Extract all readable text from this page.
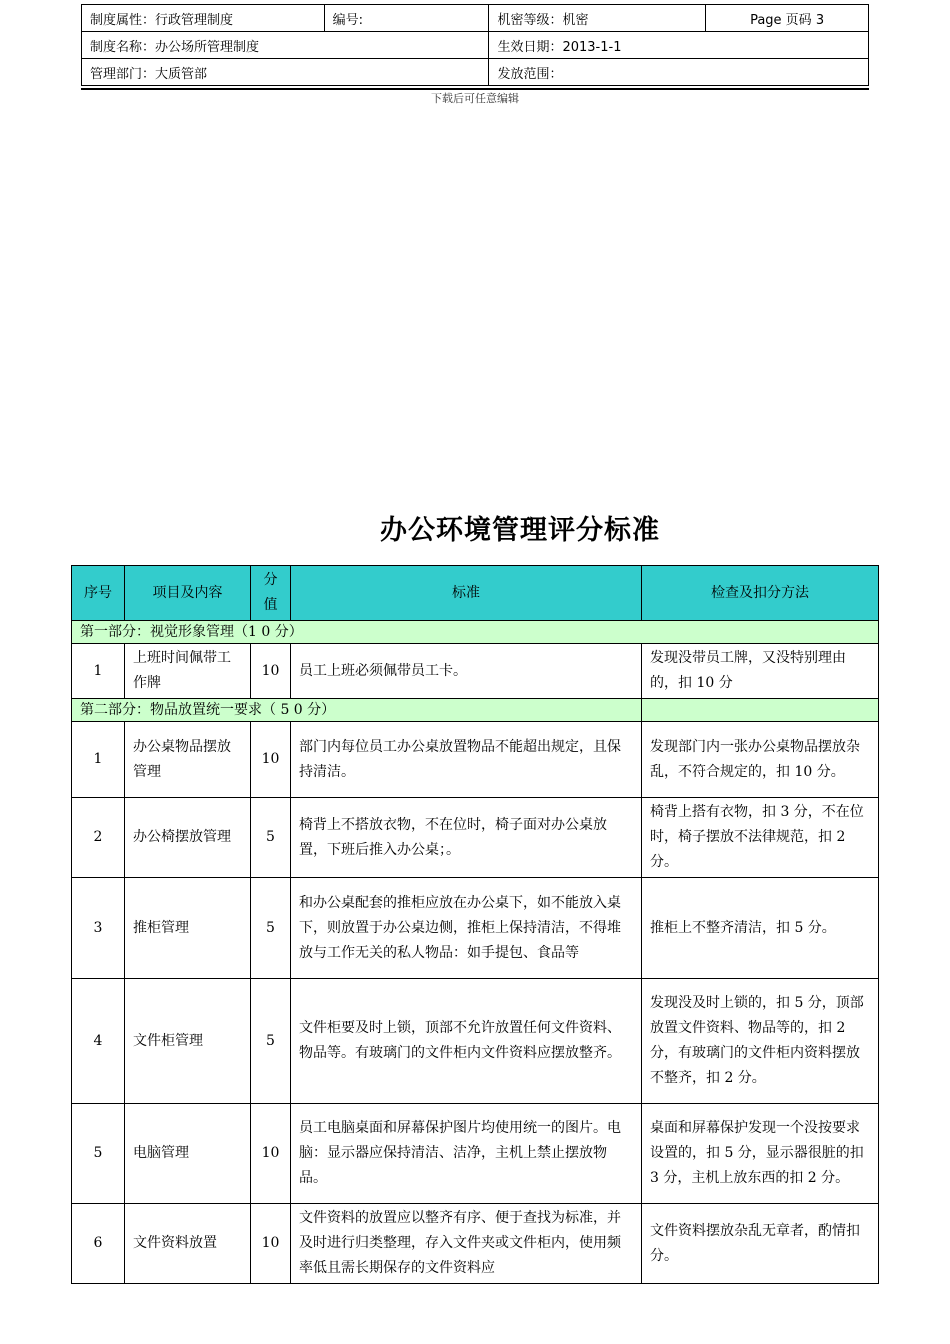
制度属性：行政管理制度	编号:	机密等级：机密	Page 页码 3
制度名称：办公场所管理制度		生效日期：2013-1-1	
管理部门：大质管部		发放范围：	
下载后可任意编辑
办公环境管理评分标准
序号	项目及内容	分值	标准	检查及扣分方法
第一部分：视觉形象管理（1 0 分）				
1	上班时间佩带工作牌	10	员工上班必须佩带员工卡。	发现没带员工牌，又没特别理由的，扣 10 分
第二部分：物品放置统一要求（ 5 0 分）				
1	办公桌物品摆放管理	10	部门内每位员工办公桌放置物品不能超出规定，且保持清洁。	发现部门内一张办公桌物品摆放杂乱，不符合规定的，扣 10 分。
2	办公椅摆放管理	5	椅背上不搭放衣物，不在位时，椅子面对办公桌放置，下班后推入办公桌；。	椅背上搭有衣物，扣 3 分，不在位时，椅子摆放不法律规范，扣 2 分。
3	推柜管理	5	和办公桌配套的推柜应放在办公桌下，如不能放入桌下，则放置于办公桌边侧，推柜上保持清洁，不得堆放与工作无关的私人物品：如手提包、食品等	推柜上不整齐清洁，扣 5 分。
4	文件柜管理	5	文件柜要及时上锁，顶部不允许放置任何文件资料、物品等。有玻璃门的文件柜内文件资料应摆放整齐。	发现没及时上锁的，扣 5 分，顶部放置文件资料、物品等的，扣 2 分，有玻璃门的文件柜内资料摆放不整齐，扣 2 分。
5	电脑管理	10	员工电脑桌面和屏幕保护图片均使用统一的图片。电脑：显示器应保持清洁、洁净，主机上禁止摆放物品。	桌面和屏幕保护发现一个没按要求设置的，扣 5 分，显示器很脏的扣 3 分，主机上放东西的扣 2 分。
6	文件资料放置	10	文件资料的放置应以整齐有序、便于查找为标准，并及时进行归类整理，存入文件夹或文件柜内，使用频率低且需长期保存的文件资料应	文件资料摆放杂乱无章者，酌情扣分。
